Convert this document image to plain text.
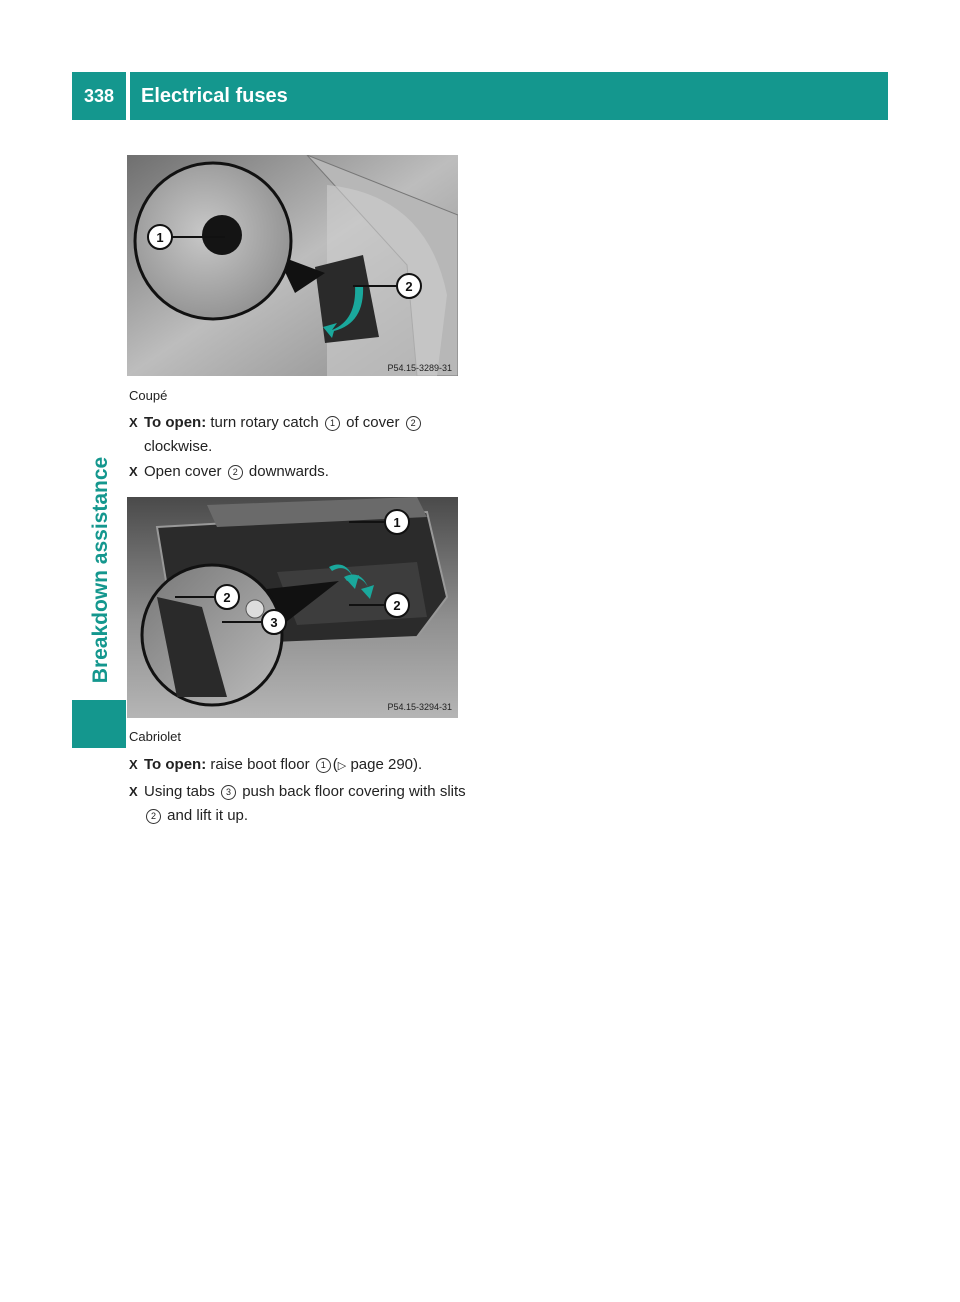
338	Electrical fuses
Breakdown assistance
1
2
P54.15-3289-31
Coupé
X To open: turn rotary catch 1 of cover 2
clockwise.
X Open cover 2 downwards.
1
2
3
2
P54.15-3294-31
Cabriolet
X To open: raise boot floor 1 (▷ page 290).
X Using tabs 3 push back floor covering with slits 2 and lift it up.
